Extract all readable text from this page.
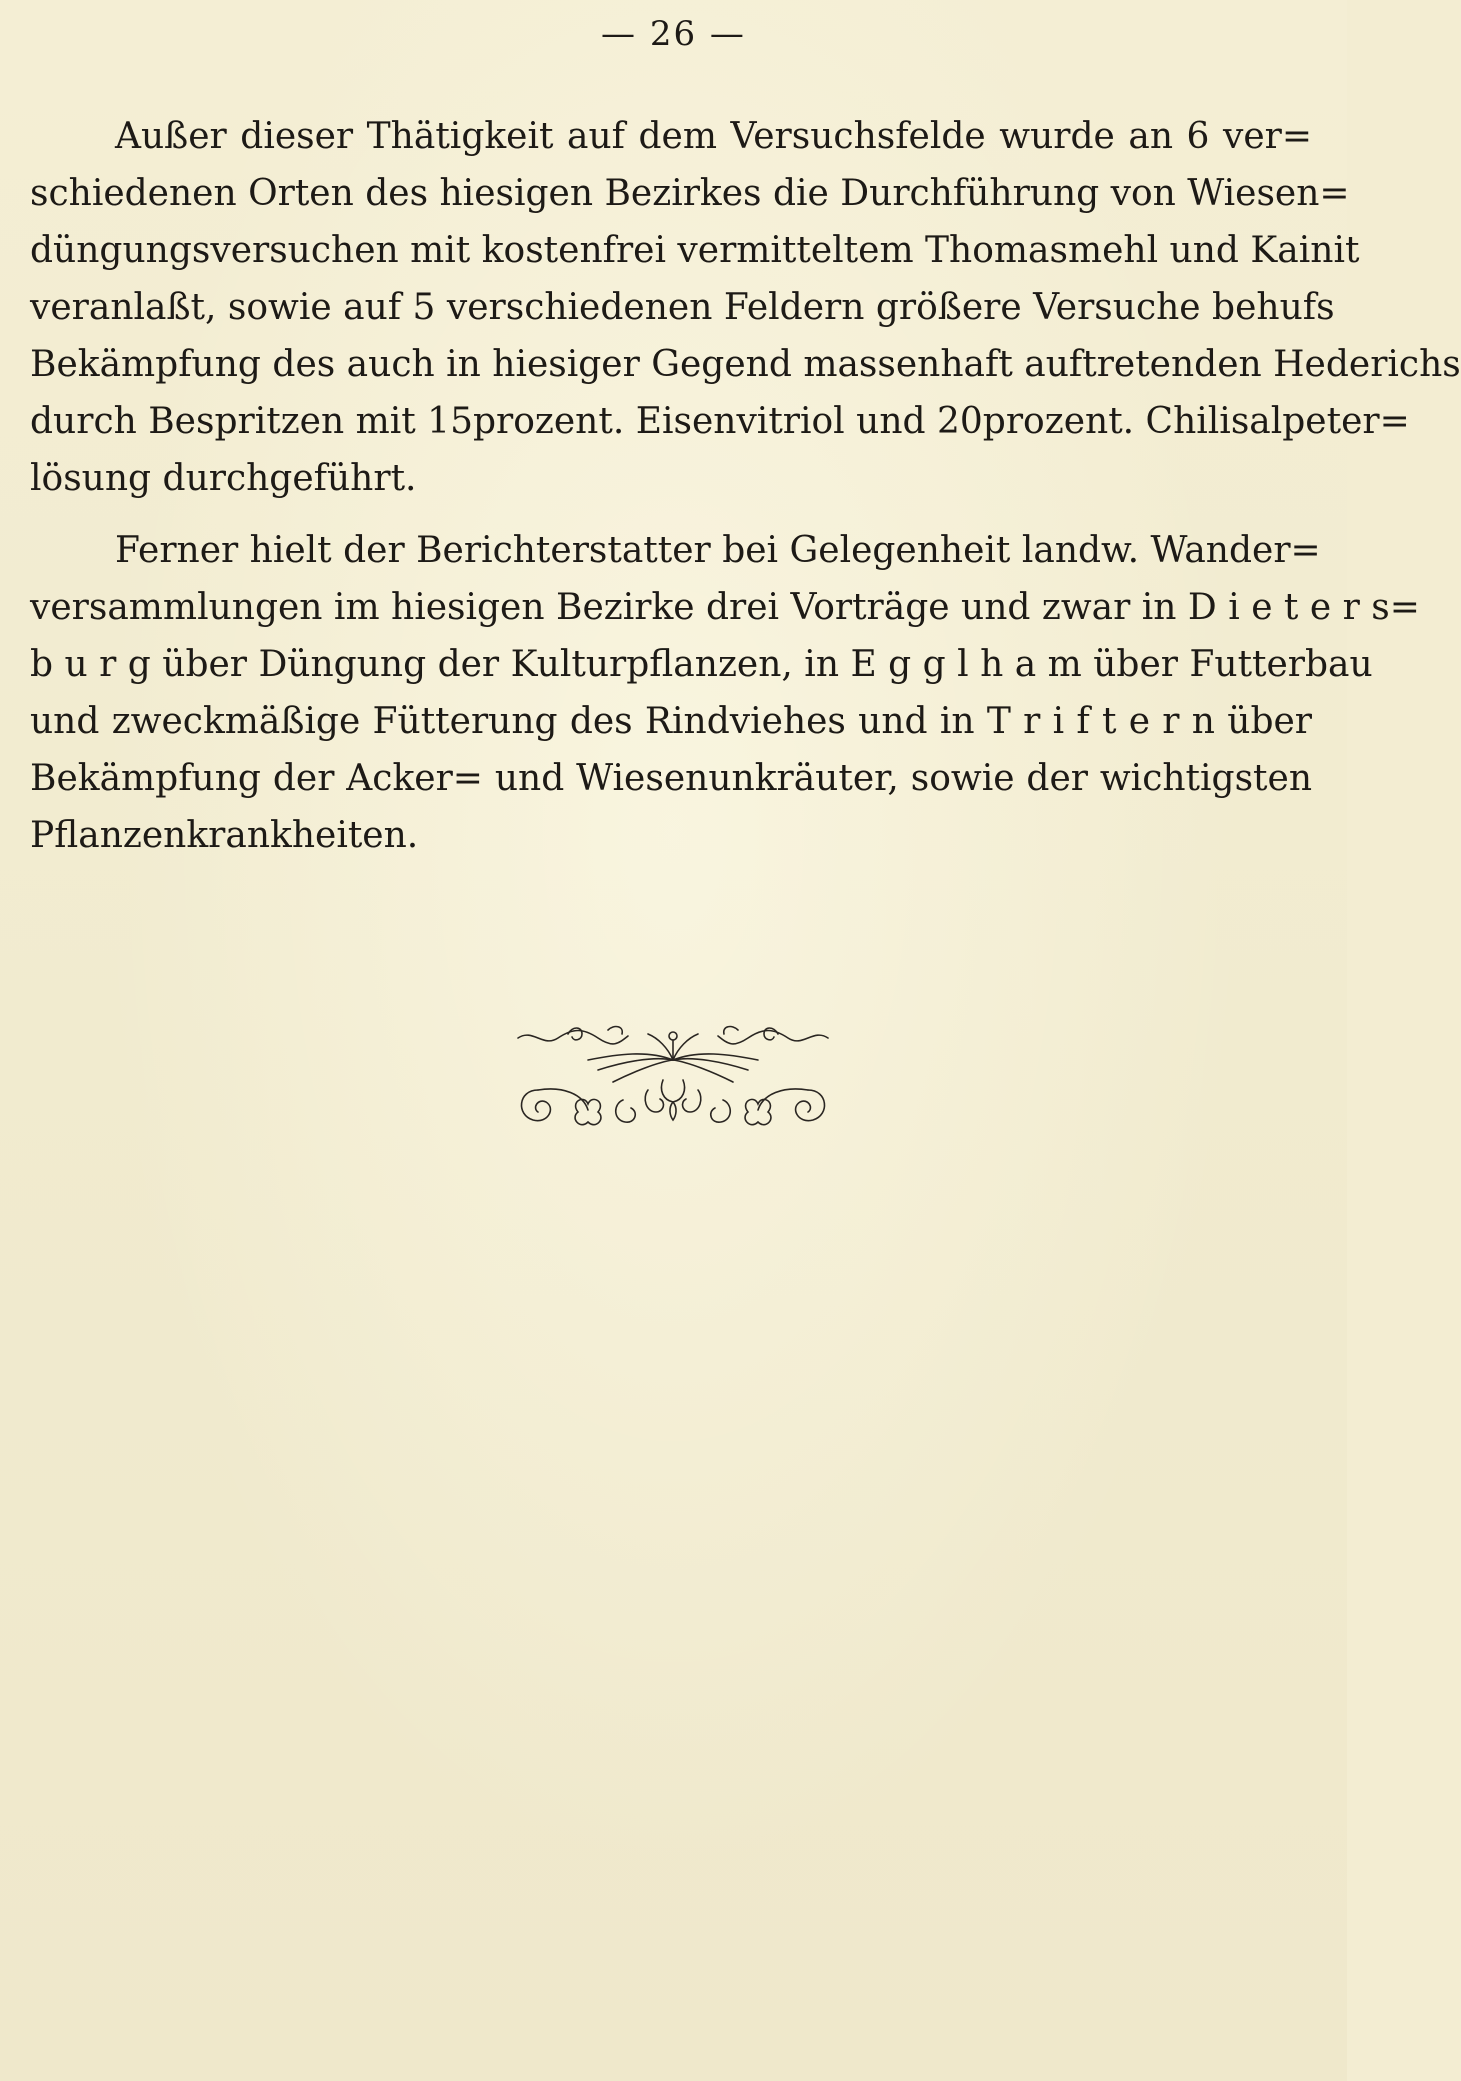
— 26 —

Außer dieser Thätigkeit auf dem Versuchsfelde wurde an 6 ver=
schiedenen Orten des hiesigen Bezirkes die Durchführung von Wiesen=
düngungsversuchen mit kostenfrei vermitteltem Thomasmehl und Kainit
veranlaßt, sowie auf 5 verschiedenen Feldern größere Versuche behufs
Bekämpfung des auch in hiesiger Gegend massenhaft auftretenden Hederichs
durch Bespritzen mit 15prozent. Eisenvitriol und 20prozent. Chilisalpeter=
lösung durchgeführt.

Ferner hielt der Berichterstatter bei Gelegenheit landw. Wander=
versammlungen im hiesigen Bezirke drei Vorträge und zwar in D i e t e r s=
b u r g über Düngung der Kulturpflanzen, in E g g l h a m über Futterbau
und zweckmäßige Fütterung des Rindviehes und in T r i f t e r n über
Bekämpfung der Acker= und Wiesenunkräuter, sowie der wichtigsten
Pflanzenkrankheiten.
